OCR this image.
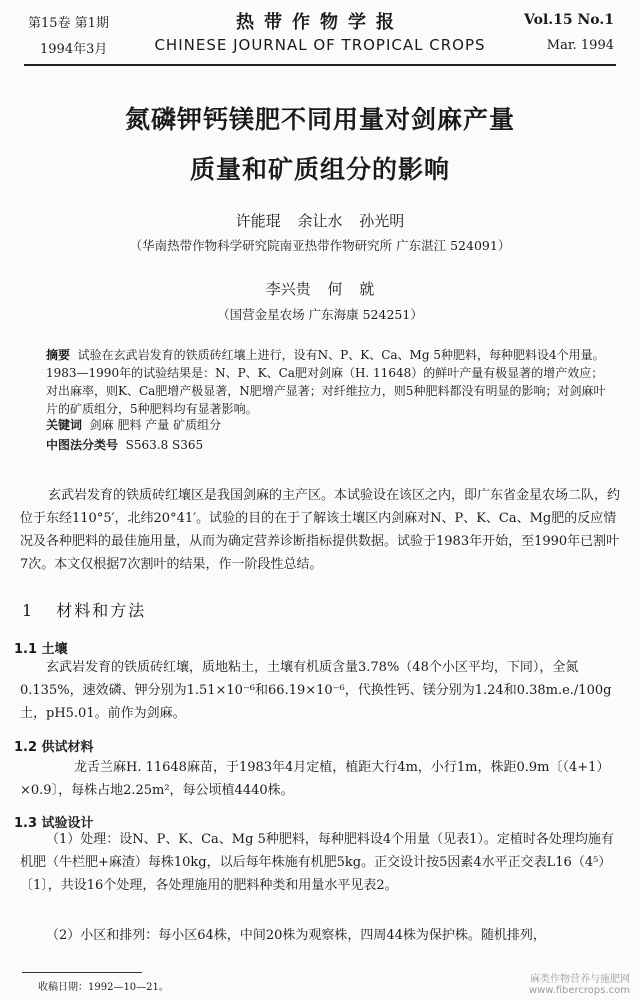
第15卷 第1期
1994年3月
热带作物学报
CHINESE JOURNAL OF TROPICAL CROPS
Vol.15 No.1
Mar. 1994
氮磷钾钙镁肥不同用量对剑麻产量
质量和矿质组分的影响
许能琨 余让水 孙光明
（华南热带作物科学研究院南亚热带作物研究所 广东湛江 524091）
李兴贵 何 就
（国营金星农场 广东海康 524251）
摘要 试验在玄武岩发育的铁质砖红壤上进行，设有N、P、K、Ca、Mg 5种肥料，每种肥料设4个用量。1983—1990年的试验结果是：N、P、K、Ca肥对剑麻（H. 11648）的鲜叶产量有极显著的增产效应；对出麻率，则K、Ca肥增产极显著，N肥增产显著；对纤维拉力，则5种肥料都没有明显的影响；对剑麻叶片的矿质组分，5种肥料均有显著影响。
关键词 剑麻 肥料 产量 矿质组分
中图法分类号 S563.8 S365
玄武岩发育的铁质砖红壤区是我国剑麻的主产区。本试验设在该区之内，即广东省金星农场二队，约位于东经110°5′，北纬20°41′。试验的目的在于了解该土壤区内剑麻对N、P、K、Ca、Mg肥的反应情况及各种肥料的最佳施用量，从而为确定营养诊断指标提供数据。试验于1983年开始，至1990年已割叶7次。本文仅根据7次割叶的结果，作一阶段性总结。
1 材料和方法
1.1 土壤
玄武岩发育的铁质砖红壤，质地粘土，土壤有机质含量3.78%（48个小区平均，下同），全氮0.135%，速效磷、钾分别为1.51×10⁻⁶和66.19×10⁻⁶，代换性钙、镁分别为1.24和0.38m.e./100g土，pH5.01。前作为剑麻。
1.2 供试材料
龙舌兰麻H. 11648麻苗，于1983年4月定植，植距大行4m，小行1m，株距0.9m〔（4+1）×0.9〕，每株占地2.25m²，每公顷植4440株。
1.3 试验设计
（1）处理：设N、P、K、Ca、Mg 5种肥料，每种肥料设4个用量（见表1）。定植时各处理均施有机肥（牛栏肥+麻渣）每株10kg，以后每年株施有机肥5kg。正交设计按5因素4水平正交表L16（4⁵）〔1〕，共设16个处理，各处理施用的肥料种类和用量水平见表2。
（2）小区和排列：每小区64株，中间20株为观察株，四周44株为保护株。随机排列，
收稿日期：1992—10—21。
麻类作物营养与施肥网
www.fibercrops.com
